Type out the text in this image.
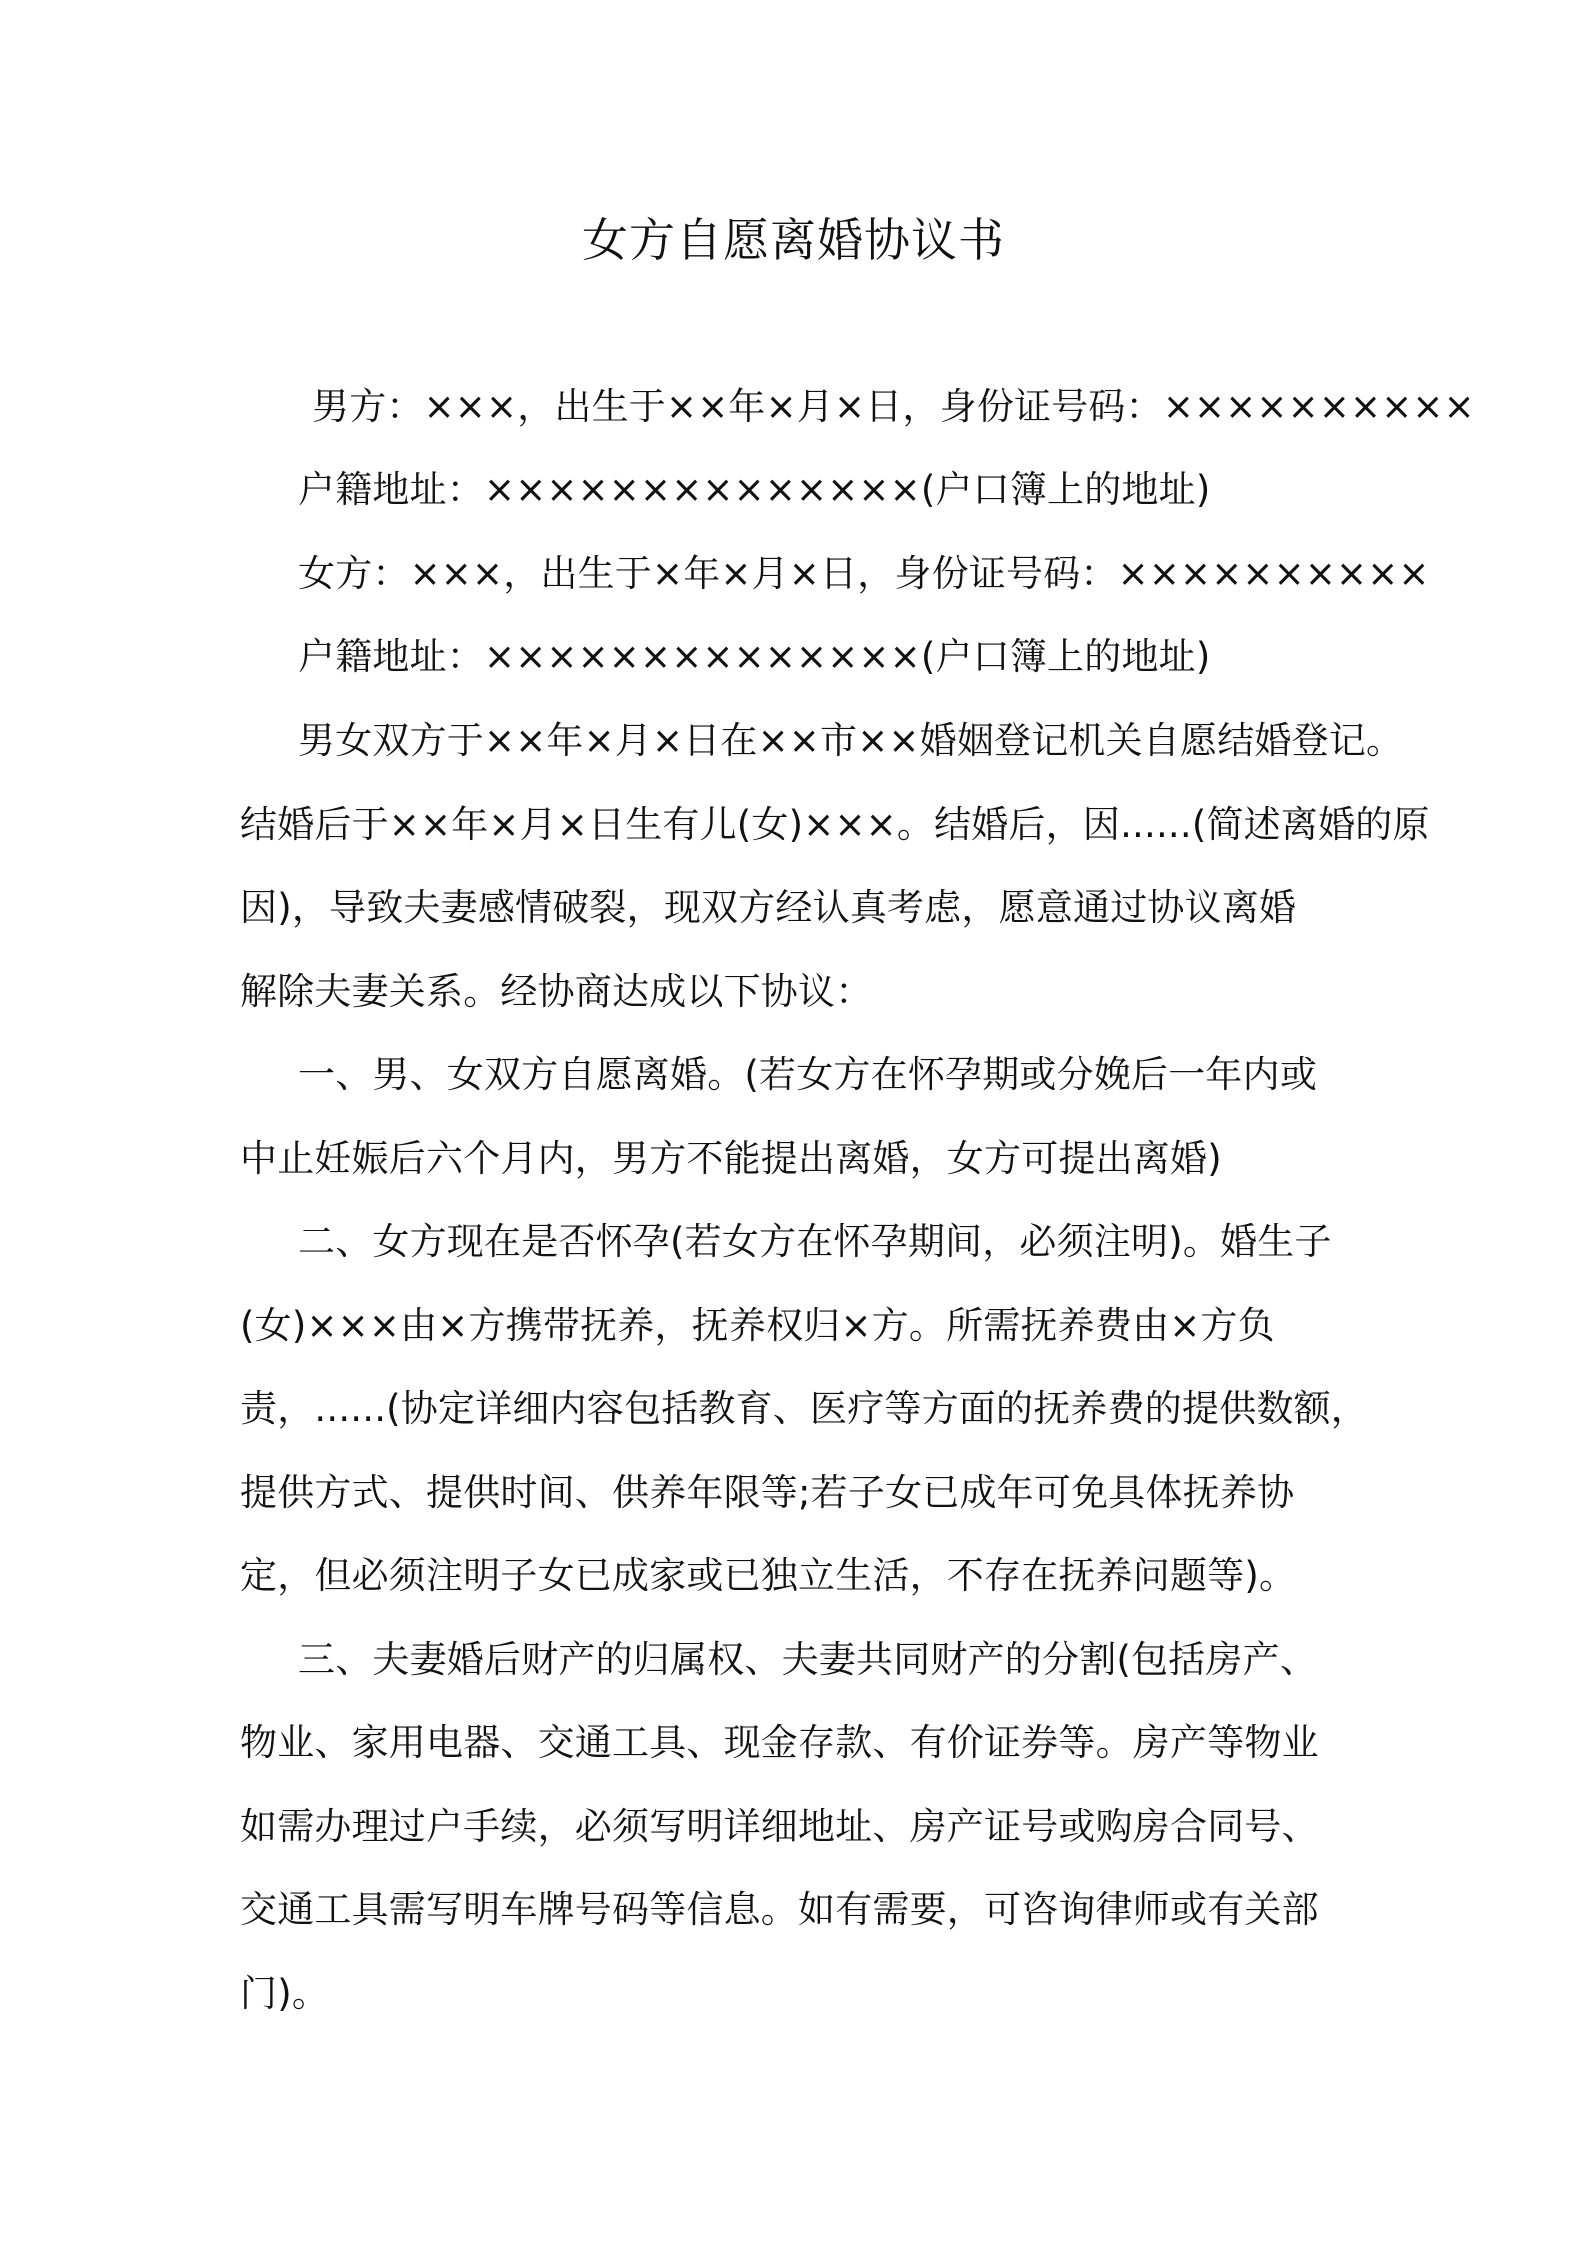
女方自愿离婚协议书
男方：×××，出生于××年×月×日，身份证号码：××××××××××
户籍地址：××××××××××××××(户口簿上的地址)
女方：×××，出生于×年×月×日，身份证号码：××××××××××
户籍地址：××××××××××××××(户口簿上的地址)
男女双方于××年×月×日在××市××婚姻登记机关自愿结婚登记。
结婚后于××年×月×日生有儿(女)×××。结婚后，因......(简述离婚的原
因)，导致夫妻感情破裂，现双方经认真考虑，愿意通过协议离婚
解除夫妻关系。经协商达成以下协议：
一、男、女双方自愿离婚。(若女方在怀孕期或分娩后一年内或
中止妊娠后六个月内，男方不能提出离婚，女方可提出离婚)
二、女方现在是否怀孕(若女方在怀孕期间，必须注明)。婚生子
(女)×××由×方携带抚养，抚养权归×方。所需抚养费由×方负
责，......(协定详细内容包括教育、医疗等方面的抚养费的提供数额，
提供方式、提供时间、供养年限等;若子女已成年可免具体抚养协
定，但必须注明子女已成家或已独立生活，不存在抚养问题等)。
三、夫妻婚后财产的归属权、夫妻共同财产的分割(包括房产、
物业、家用电器、交通工具、现金存款、有价证券等。房产等物业
如需办理过户手续，必须写明详细地址、房产证号或购房合同号、
交通工具需写明车牌号码等信息。如有需要，可咨询律师或有关部
门)。
